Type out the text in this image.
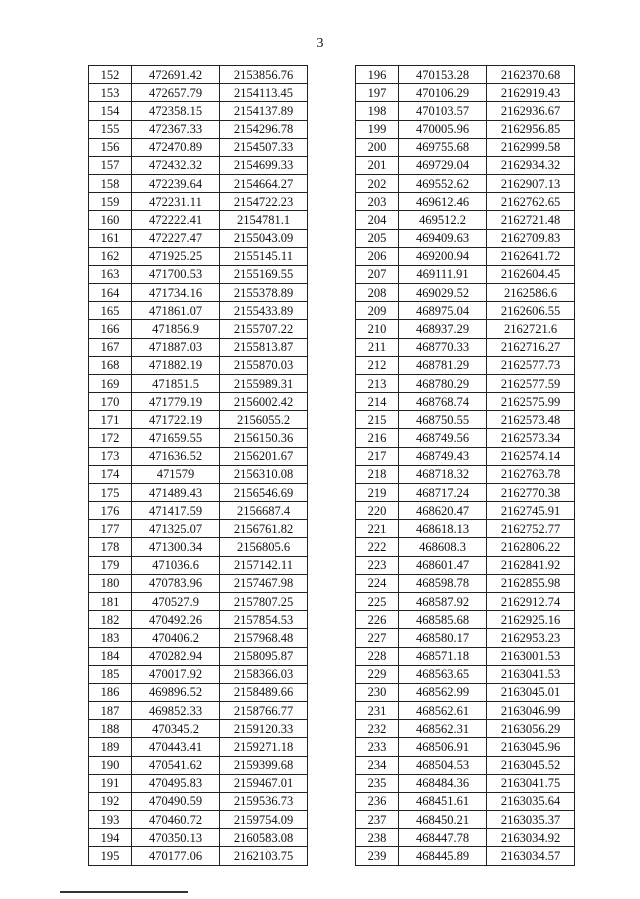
3
152	472691.42	2153856.76
153	472657.79	2154113.45
154	472358.15	2154137.89
155	472367.33	2154296.78
156	472470.89	2154507.33
157	472432.32	2154699.33
158	472239.64	2154664.27
159	472231.11	2154722.23
160	472222.41	2154781.1
161	472227.47	2155043.09
162	471925.25	2155145.11
163	471700.53	2155169.55
164	471734.16	2155378.89
165	471861.07	2155433.89
166	471856.9	2155707.22
167	471887.03	2155813.87
168	471882.19	2155870.03
169	471851.5	2155989.31
170	471779.19	2156002.42
171	471722.19	2156055.2
172	471659.55	2156150.36
173	471636.52	2156201.67
174	471579	2156310.08
175	471489.43	2156546.69
176	471417.59	2156687.4
177	471325.07	2156761.82
178	471300.34	2156805.6
179	471036.6	2157142.11
180	470783.96	2157467.98
181	470527.9	2157807.25
182	470492.26	2157854.53
183	470406.2	2157968.48
184	470282.94	2158095.87
185	470017.92	2158366.03
186	469896.52	2158489.66
187	469852.33	2158766.77
188	470345.2	2159120.33
189	470443.41	2159271.18
190	470541.62	2159399.68
191	470495.83	2159467.01
192	470490.59	2159536.73
193	470460.72	2159754.09
194	470350.13	2160583.08
195	470177.06	2162103.75
196	470153.28	2162370.68
197	470106.29	2162919.43
198	470103.57	2162936.67
199	470005.96	2162956.85
200	469755.68	2162999.58
201	469729.04	2162934.32
202	469552.62	2162907.13
203	469612.46	2162762.65
204	469512.2	2162721.48
205	469409.63	2162709.83
206	469200.94	2162641.72
207	469111.91	2162604.45
208	469029.52	2162586.6
209	468975.04	2162606.55
210	468937.29	2162721.6
211	468770.33	2162716.27
212	468781.29	2162577.73
213	468780.29	2162577.59
214	468768.74	2162575.99
215	468750.55	2162573.48
216	468749.56	2162573.34
217	468749.43	2162574.14
218	468718.32	2162763.78
219	468717.24	2162770.38
220	468620.47	2162745.91
221	468618.13	2162752.77
222	468608.3	2162806.22
223	468601.47	2162841.92
224	468598.78	2162855.98
225	468587.92	2162912.74
226	468585.68	2162925.16
227	468580.17	2162953.23
228	468571.18	2163001.53
229	468563.65	2163041.53
230	468562.99	2163045.01
231	468562.61	2163046.99
232	468562.31	2163056.29
233	468506.91	2163045.96
234	468504.53	2163045.52
235	468484.36	2163041.75
236	468451.61	2163035.64
237	468450.21	2163035.37
238	468447.78	2163034.92
239	468445.89	2163034.57
